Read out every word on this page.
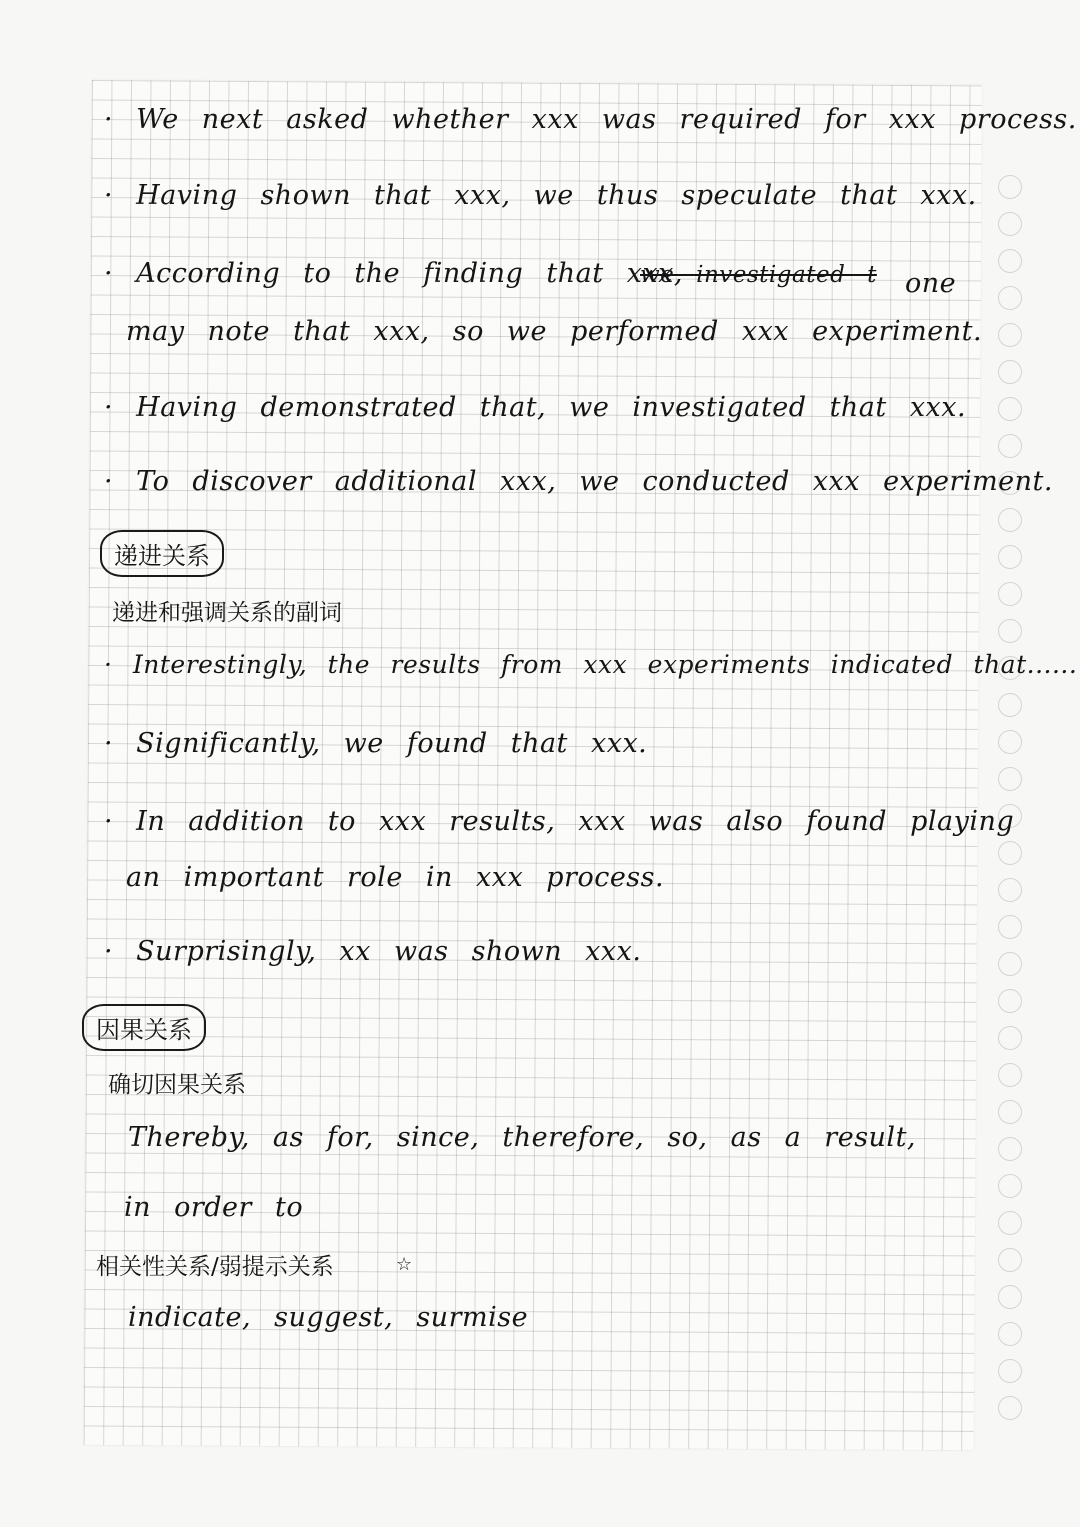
· We next asked whether xxx was required for xxx process.
· Having shown that xxx, we thus speculate that xxx.
· According to the finding that xxx,
we investigated t one
may note that xxx, so we performed xxx experiment.
· Having demonstrated that, we investigated that xxx.
· To discover additional xxx, we conducted xxx experiment.
递进关系
递进和强调关系的副词
· Interestingly, the results from xxx experiments indicated that......
· Significantly, we found that xxx.
· In addition to xxx results, xxx was also found playing
an important role in xxx process.
· Surprisingly, xx was shown xxx.
因果关系
确切因果关系
Thereby, as for, since, therefore, so, as a result,
in order to
相关性关系/弱提示关系	☆
indicate, suggest, surmise
